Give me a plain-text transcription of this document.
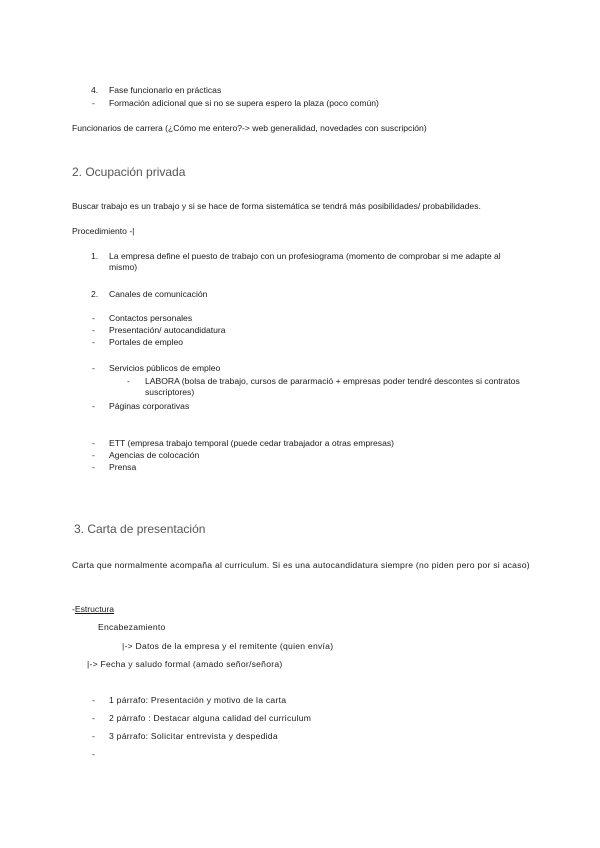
4. Fase funcionario en prácticas
- Formación adicional que si no se supera espero la plaza (poco común)
Funcionarios de carrera (¿Cómo me entero?-> web generalidad, novedades con suscripción)
2. Ocupación privada
Buscar trabajo es un trabajo y si se hace de forma sistemática se tendrá más posibilidades/ probabilidades.
Procedimiento -|
1. La empresa define el puesto de trabajo con un profesiograma (momento de comprobar si me adapte al mismo)
2. Canales de comunicación
- Contactos personales
- Presentación/ autocandidatura
- Portales de empleo
- Servicios públicos de empleo
- LABORA (bolsa de trabajo, cursos de pararmació + empresas poder tendré descontes si contratos suscriptores)
- Páginas corporativas
- ETT (empresa trabajo temporal (puede cedar trabajador a otras empresas)
- Agencias de colocación
- Prensa
3. Carta de presentación
Carta que normalmente acompaña al curriculum. Si es una autocandidatura siempre (no piden pero por si acaso)
-Estructura
Encabezamiento
|-> Datos de la empresa y el remitente (quien envía)
|-> Fecha y saludo formal (amado señor/señora)
- 1 párrafo: Presentación y motivo de la carta
- 2 párrafo : Destacar alguna calidad del curriculum
- 3 párrafo: Solicitar entrevista y despedida
-
